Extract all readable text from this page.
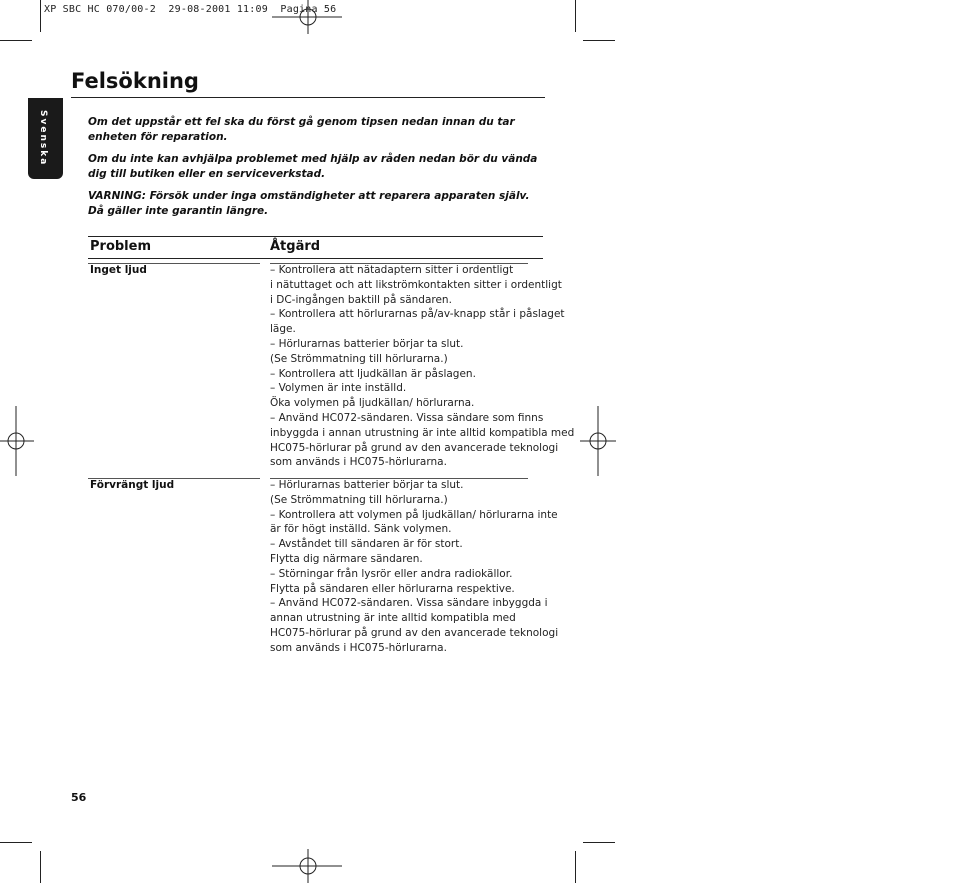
XP SBC HC 070/00-2  29-08-2001 11:09  Pagina 56
Svenska
Felsökning

Om det uppstår ett fel ska du först gå genom tipsen nedan innan du tar enheten för reparation.

Om du inte kan avhjälpa problemet med hjälp av råden nedan bör du vända dig till butiken eller en serviceverkstad.

VARNING: Försök under inga omständigheter att reparera apparaten själv. Då gäller inte garantin längre.

Problem	Åtgärd
Inget ljud	– Kontrollera att nätadaptern sitter i ordentligt
i nätuttaget och att likströmkontakten sitter i ordentligt
i DC-ingången baktill på sändaren.
– Kontrollera att hörlurarnas på/av-knapp står i påslaget
läge.
– Hörlurarnas batterier börjar ta slut.
(Se Strömmatning till hörlurarna.)
– Kontrollera att ljudkällan är påslagen.
– Volymen är inte inställd.
Öka volymen på ljudkällan/ hörlurarna.
– Använd HC072-sändaren. Vissa sändare som finns
inbyggda i annan utrustning är inte alltid kompatibla med
HC075-hörlurar på grund av den avancerade teknologi
som används i HC075-hörlurarna.
Förvrängt ljud	– Hörlurarnas batterier börjar ta slut.
(Se Strömmatning till hörlurarna.)
– Kontrollera att volymen på ljudkällan/ hörlurarna inte
är för högt inställd. Sänk volymen.
– Avståndet till sändaren är för stort.
Flytta dig närmare sändaren.
– Störningar från lysrör eller andra radiokällor.
Flytta på sändaren eller hörlurarna respektive.
– Använd HC072-sändaren. Vissa sändare inbyggda i
annan utrustning är inte alltid kompatibla med
HC075-hörlurar på grund av den avancerade teknologi
som används i HC075-hörlurarna.
56
